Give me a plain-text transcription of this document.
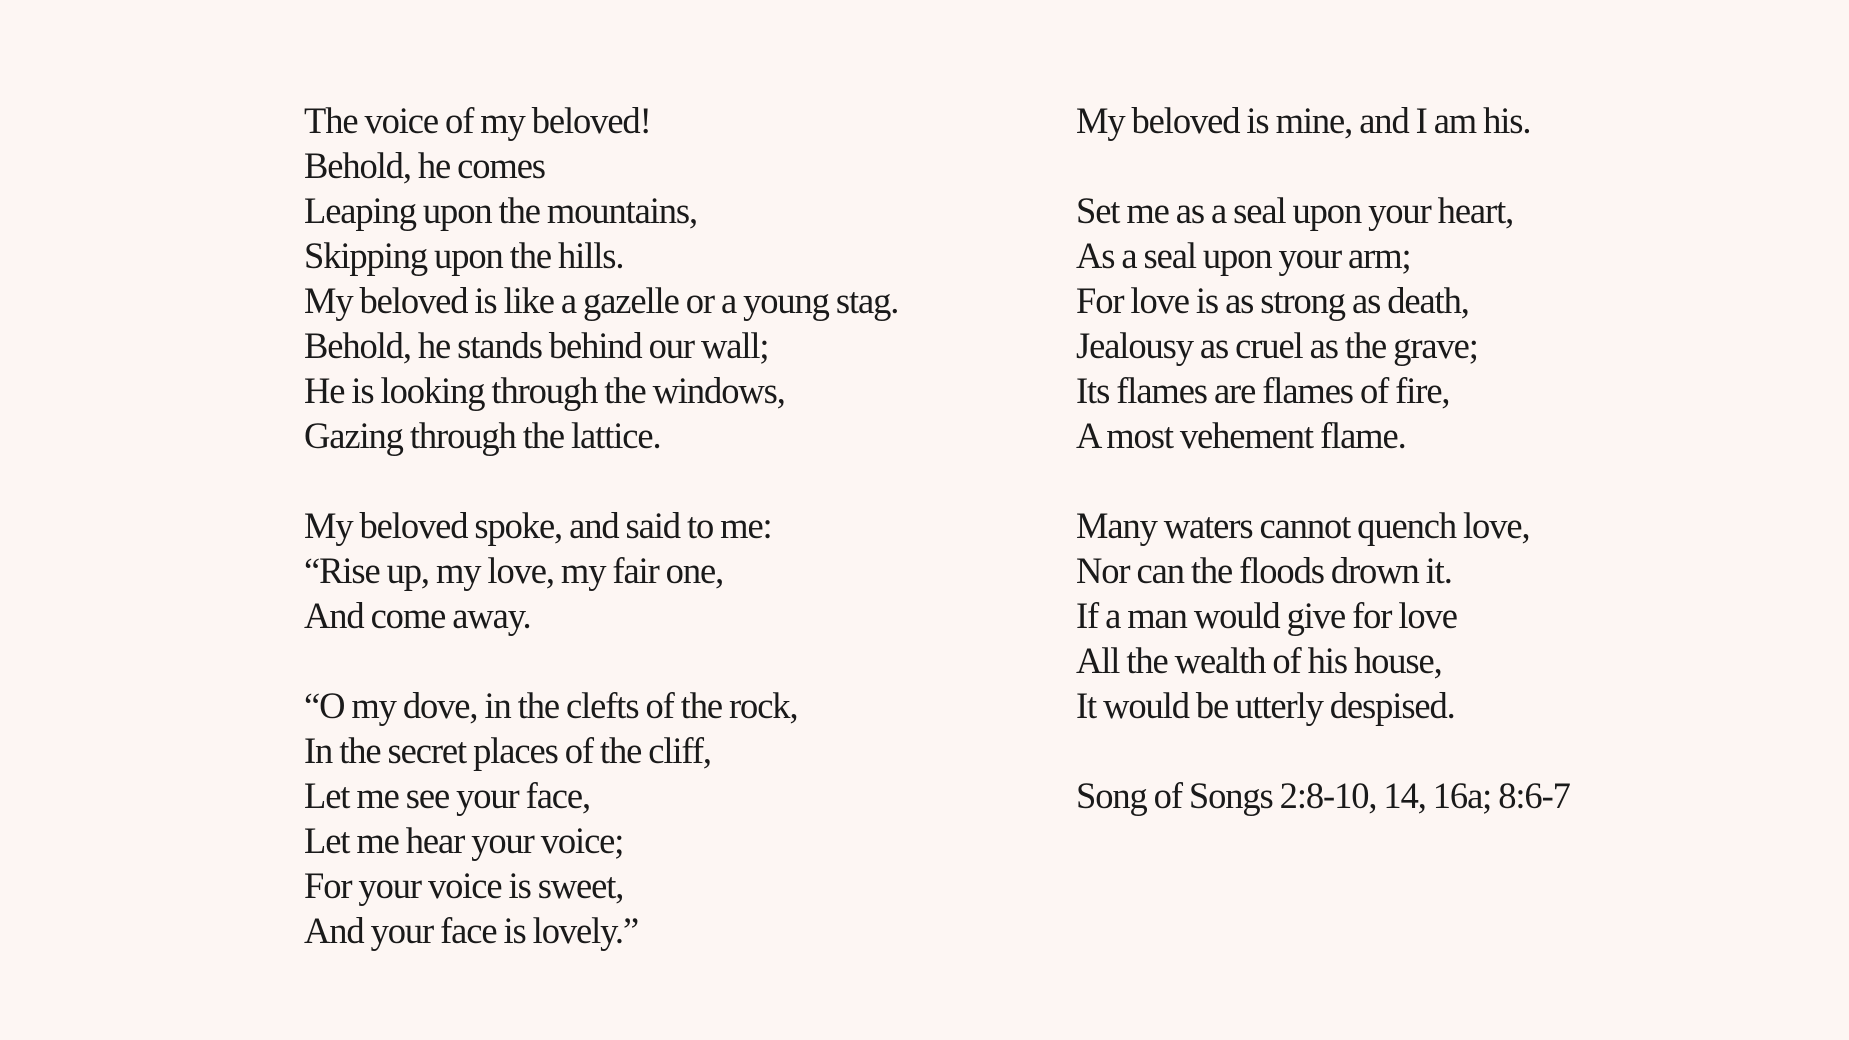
The voice of my beloved!
Behold, he comes
Leaping upon the mountains,
Skipping upon the hills.
My beloved is like a gazelle or a young stag.
Behold, he stands behind our wall;
He is looking through the windows,
Gazing through the lattice.
My beloved spoke, and said to me:
“Rise up, my love, my fair one,
And come away.
“O my dove, in the clefts of the rock,
In the secret places of the cliff,
Let me see your face,
Let me hear your voice;
For your voice is sweet,
And your face is lovely.”
My beloved is mine, and I am his.
Set me as a seal upon your heart,
As a seal upon your arm;
For love is as strong as death,
Jealousy as cruel as the grave;
Its flames are flames of fire,
A most vehement flame.
Many waters cannot quench love,
Nor can the floods drown it.
If a man would give for love
All the wealth of his house,
It would be utterly despised.
Song of Songs 2:8-10, 14, 16a; 8:6-7
